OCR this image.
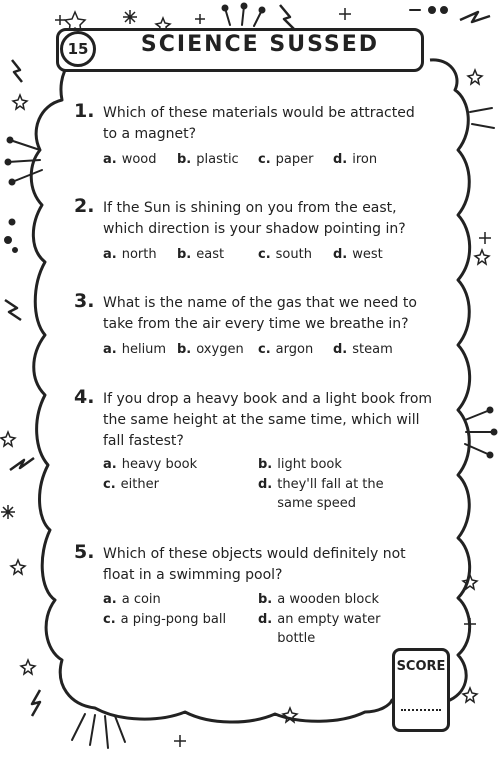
15	SCIENCE SUSSED
1. Which of these materials would be attracted to a magnet?
a. wood b. plastic c. paper d. iron
2. If the Sun is shining on you from the east, which direction is your shadow pointing in?
a. north b. east	c. south d. west
3. What is the name of the gas that we need to take from the air every time we breathe in?
a. helium b. oxygen c. argon d. steam
4. If you drop a heavy book and a light book from the same height at the same time, which will fall fastest?
a. heavy book	b. light book
c. either	d. they'll fall at the same speed
5. Which of these objects would definitely not float in a swimming pool?
a. a coin	b. a wooden block
c. a ping-pong ball d. an empty water bottle
SCORE
